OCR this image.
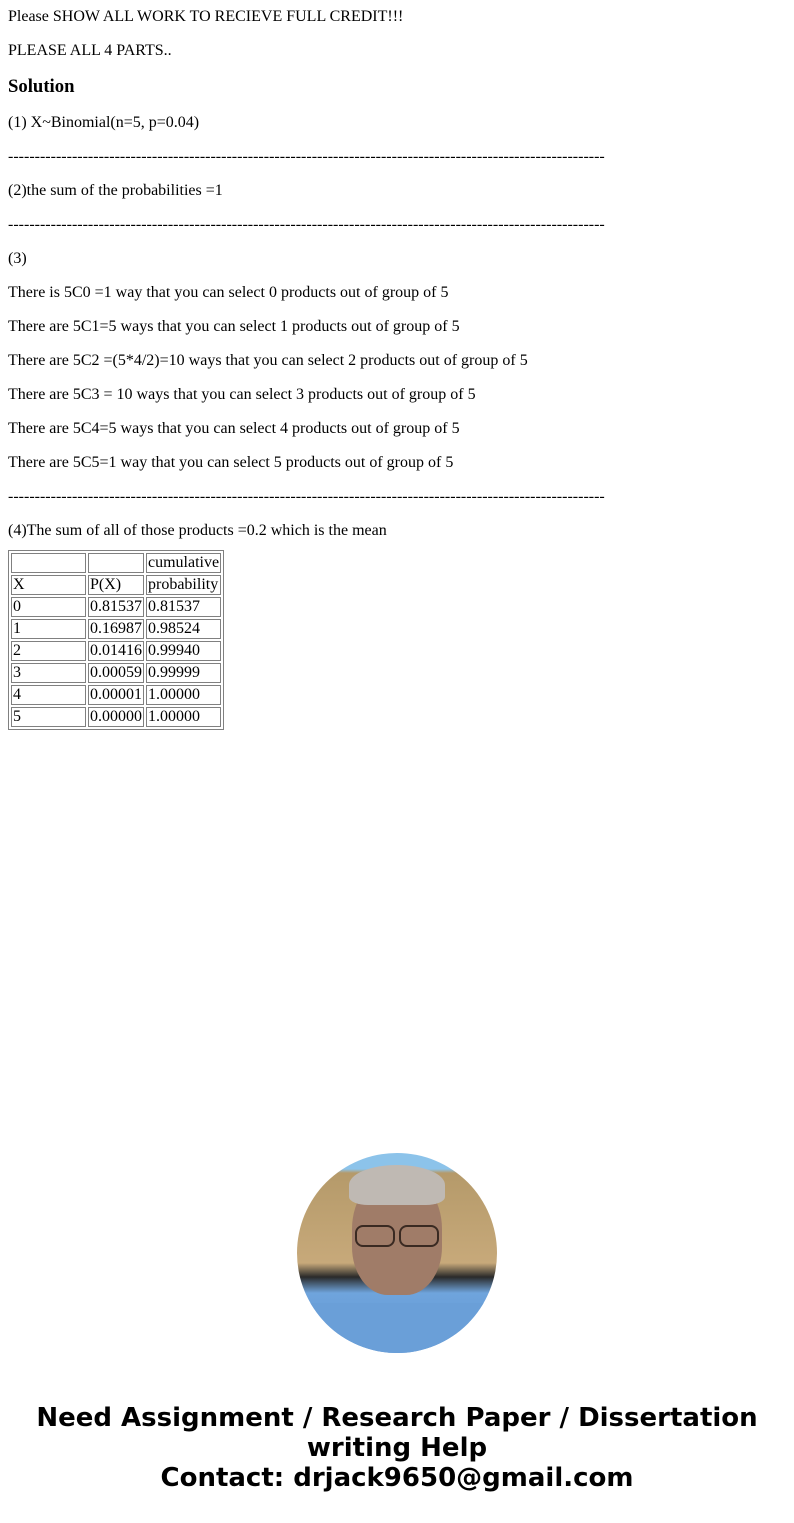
Please SHOW ALL WORK TO RECIEVE FULL CREDIT!!!

PLEASE ALL 4 PARTS..

Solution

(1) X~Binomial(n=5, p=0.04)

----------------------------------------------------------------------------------------------------------------

(2)the sum of the probabilities =1

----------------------------------------------------------------------------------------------------------------

(3)

There is 5C0 =1 way that you can select 0 products out of group of 5

There are 5C1=5 ways that you can select 1 products out of group of 5

There are 5C2 =(5*4/2)=10 ways that you can select 2 products out of group of 5

There are 5C3 = 10 ways that you can select 3 products out of group of 5

There are 5C4=5 ways that you can select 4 products out of group of 5

There are 5C5=1 way that you can select 5 products out of group of 5

----------------------------------------------------------------------------------------------------------------

(4)The sum of all of those products =0.2 which is the mean

		cumulative
X	P(X)	probability
0	0.81537	0.81537
1	0.16987	0.98524
2	0.01416	0.99940
3	0.00059	0.99999
4	0.00001	1.00000
5	0.00000	1.00000
Need Assignment / Research Paper / Dissertation
writing Help
Contact: drjack9650@gmail.com
